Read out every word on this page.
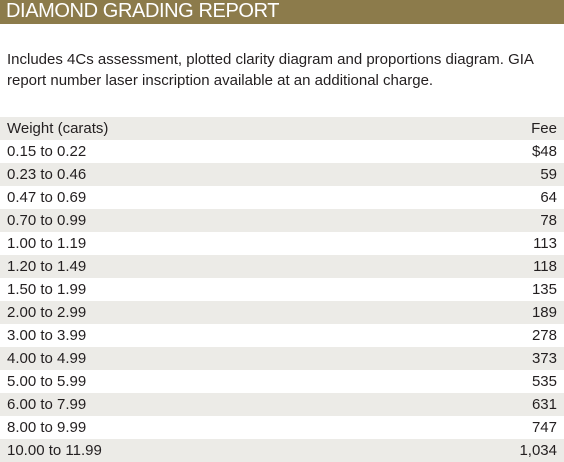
DIAMOND GRADING REPORT

Includes 4Cs assessment, plotted clarity diagram and proportions diagram. GIA report number laser inscription available at an additional charge.

Weight (carats)	Fee
0.15 to 0.22	$48
0.23 to 0.46	59
0.47 to 0.69	64
0.70 to 0.99	78
1.00 to 1.19	113
1.20 to 1.49	118
1.50 to 1.99	135
2.00 to 2.99	189
3.00 to 3.99	278
4.00 to 4.99	373
5.00 to 5.99	535
6.00 to 7.99	631
8.00 to 9.99	747
10.00 to 11.99	1,034
